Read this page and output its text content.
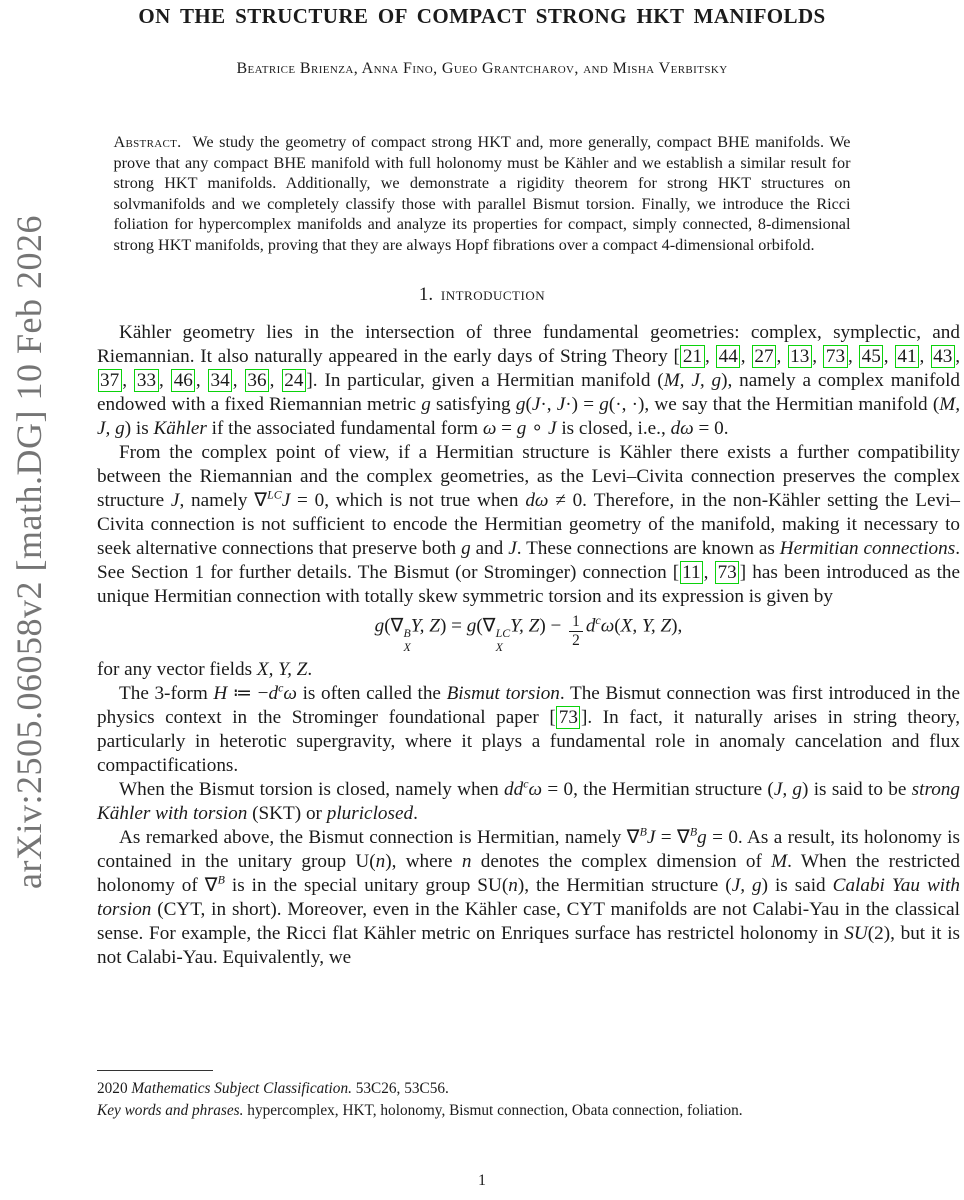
arXiv:2505.06058v2 [math.DG] 10 Feb 2026
ON THE STRUCTURE OF COMPACT STRONG HKT MANIFOLDS
Beatrice Brienza, Anna Fino, Gueo Grantcharov, and Misha Verbitsky
Abstract. We study the geometry of compact strong HKT and, more generally, compact BHE manifolds. We prove that any compact BHE manifold with full holonomy must be Kähler and we establish a similar result for strong HKT manifolds. Additionally, we demonstrate a rigidity theorem for strong HKT structures on solvmanifolds and we completely classify those with parallel Bismut torsion. Finally, we introduce the Ricci foliation for hypercomplex manifolds and analyze its properties for compact, simply connected, 8-dimensional strong HKT manifolds, proving that they are always Hopf fibrations over a compact 4-dimensional orbifold.
1. introduction

Kähler geometry lies in the intersection of three fundamental geometries: complex, symplectic, and Riemannian. It also naturally appeared in the early days of String Theory [ 21 , 44 , 27 , 13 , 73 , 45 , 41 , 43 , 37 , 33 , 46 , 34 , 36 , 24 ]. In particular, given a Hermitian manifold (M, J, g), namely a complex manifold endowed with a fixed Riemannian metric g satisfying g(J·, J·) = g(·, ·), we say that the Hermitian manifold (M, J, g) is Kähler if the associated fundamental form ω = g ∘ J is closed, i.e., dω = 0.

From the complex point of view, if a Hermitian structure is Kähler there exists a further compatibility between the Riemannian and the complex geometries, as the Levi–Civita connection preserves the complex structure J, namely ∇$^{LC}$J = 0, which is not true when dω ≠ 0. Therefore, in the non-Kähler setting the Levi–Civita connection is not sufficient to encode the Hermitian geometry of the manifold, making it necessary to seek alternative connections that preserve both g and J. These connections are known as Hermitian connections. See Section 1 for further details. The Bismut (or Strominger) connection [ 11 , 73 ] has been introduced as the unique Hermitian connection with totally skew symmetric torsion and its expression is given by

g(∇ B
X
Y, Z) = g(∇ LC
X
Y, $Z) - \frac{1}{2} d^c\omega(X$, Y, Z),

for any vector fields X, Y, Z.

The 3-form H ≔ $-d^c\omega$ is often called the Bismut torsion. The Bismut connection was first introduced in the physics context in the Strominger foundational paper [ 73 ]. In fact, it naturally arises in string theory, particularly in heterotic supergravity, where it plays a fundamental role in anomaly cancelation and flux compactifications.

When the Bismut torsion is closed, namely when $dd^c\omega = 0$, the Hermitian structure (J, g) is said to be strong Kähler with torsion (SKT) or pluriclosed.

As remarked above, the Bismut connection is Hermitian, namely ∇$^B$J = ∇$^B$g = 0. As a result, its holonomy is contained in the unitary group U(n), where n denotes the complex dimension of M. When the restricted holonomy of ∇$^B$ is in the special unitary group SU(n), the Hermitian structure (J, g) is said Calabi Yau with torsion (CYT, in short). Moreover, even in the Kähler case, CYT manifolds are not Calabi-Yau in the classical sense. For example, the Ricci flat Kähler metric on Enriques surface has restrictel holonomy in SU(2), but it is not Calabi-Yau. Equivalently, we

2020 Mathematics Subject Classification. 53C26, 53C56.

Key words and phrases. hypercomplex, HKT, holonomy, Bismut connection, Obata connection, foliation.

1
